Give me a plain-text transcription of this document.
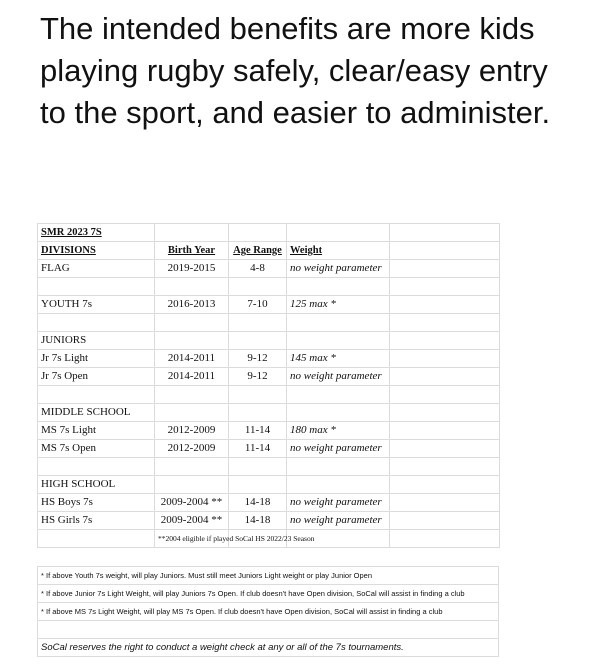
The intended benefits are more kids playing rugby safely, clear/easy entry to the sport, and easier to administer.
SMR 2023 7S				
DIVISIONS	Birth Year	Age Range	Weight	
FLAG	2019-2015	4-8	no weight parameter	

YOUTH 7s	2016-2013	7-10	125 max *	

JUNIORS				
Jr 7s Light	2014-2011	9-12	145 max *	
Jr 7s Open	2014-2011	9-12	no weight parameter	

MIDDLE SCHOOL				
MS 7s Light	2012-2009	11-14	180 max *	
MS 7s Open	2012-2009	11-14	no weight parameter	

HIGH SCHOOL				
HS Boys 7s	2009-2004 **	14-18	no weight parameter	
HS Girls 7s	2009-2004 **	14-18	no weight parameter	
	**2004 eligible if played SoCal HS 2022/23 Season			
* If above Youth 7s weight, will play Juniors. Must still meet Juniors Light weight or play Junior Open
* If above Junior 7s Light Weight, will play Juniors 7s Open. If club doesn't have Open division, SoCal will assist in finding a club
* If above MS 7s Light Weight, will play MS 7s Open. If club doesn't have Open division, SoCal will assist in finding a club

SoCal reserves the right to conduct a weight check at any or all of the 7s tournaments.
